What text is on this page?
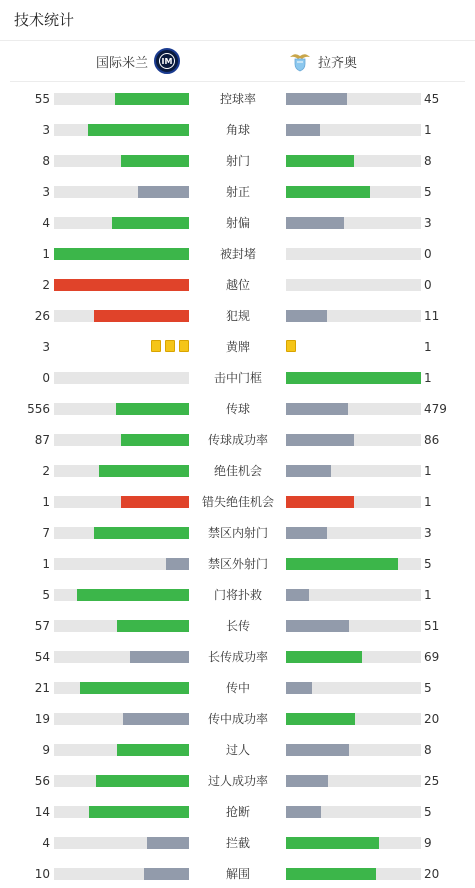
技术统计
国际米兰 IM	拉齐奥
55	控球率	45
3	角球	1
8	射门	8
3	射正	5
4	射偏	3
1	被封堵	0
2	越位	0
26	犯规	11
3	黄牌	1
0	击中门框	1
556	传球	479
87	传球成功率	86
2	绝佳机会	1
1	错失绝佳机会	1
7	禁区内射门	3
1	禁区外射门	5
5	门将扑救	1
57	长传	51
54	长传成功率	69
21	传中	5
19	传中成功率	20
9	过人	8
56	过人成功率	25
14	抢断	5
4	拦截	9
10	解围	20
